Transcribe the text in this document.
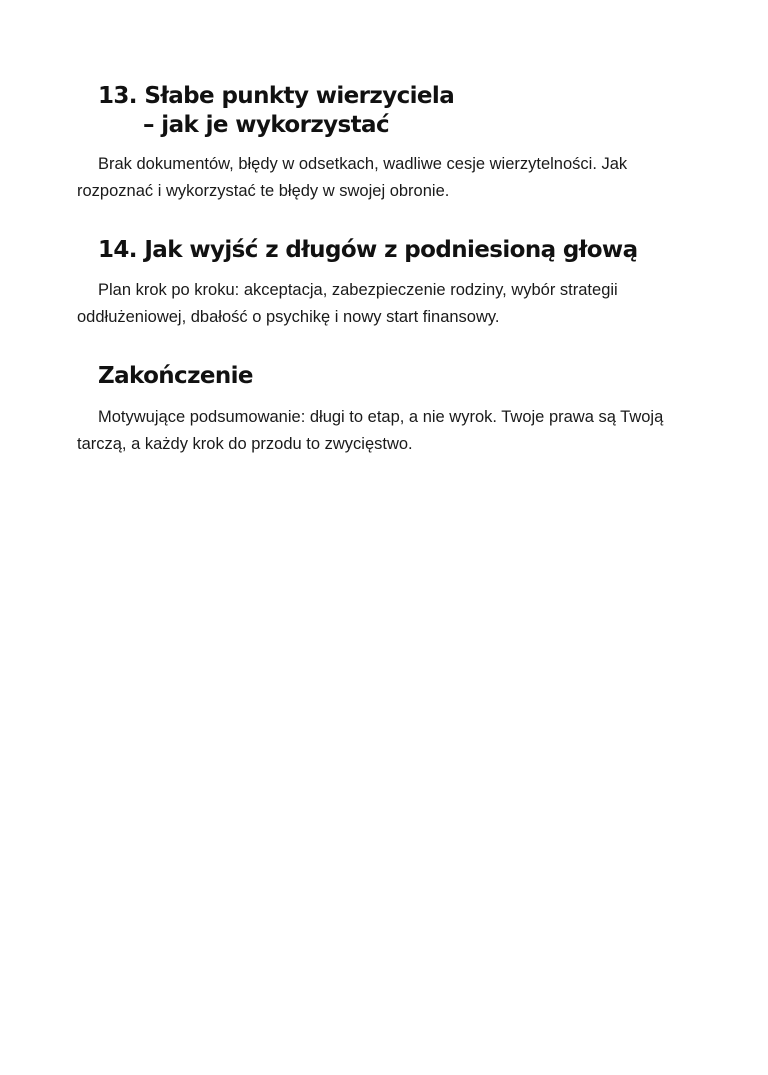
13. Słabe punkty wierzyciela
– jak je wykorzystać

Brak dokumentów, błędy w odsetkach, wadliwe cesje wierzytelności. Jak rozpoznać i wykorzystać te błędy w swojej obronie.

14. Jak wyjść z długów z podniesioną głową

Plan krok po kroku: akceptacja, zabezpieczenie rodziny, wybór strategii oddłużeniowej, dbałość o psychikę i nowy start finansowy.

Zakończenie

Motywujące podsumowanie: długi to etap, a nie wyrok. Twoje prawa są Twoją tarczą, a każdy krok do przodu to zwycięstwo.
